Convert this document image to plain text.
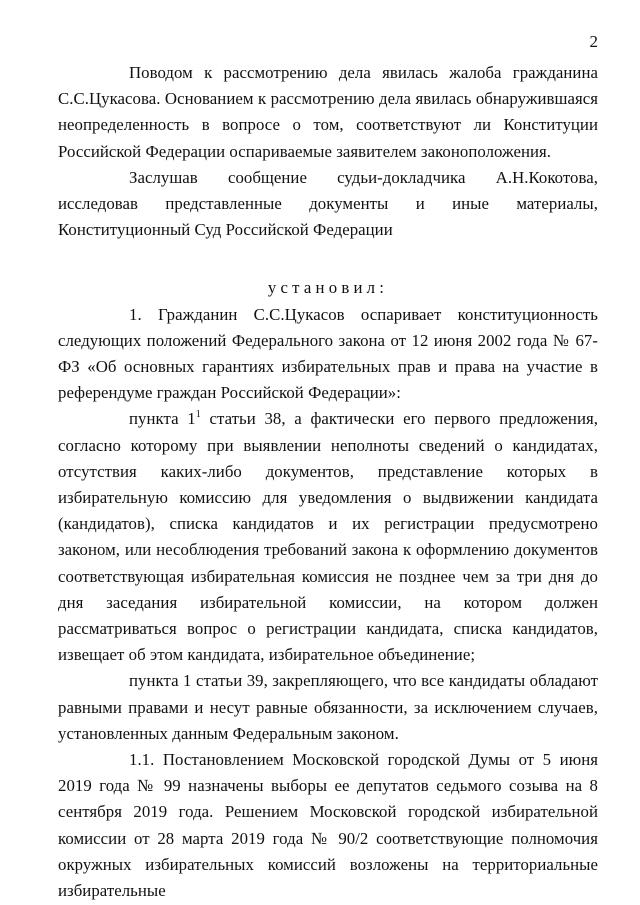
2

Поводом к рассмотрению дела явилась жалоба гражданина С.С.Цукасова. Основанием к рассмотрению дела явилась обнаружившаяся неопределенность в вопросе о том, соответствуют ли Конституции Российской Федерации оспариваемые заявителем законоположения.

Заслушав сообщение судьи-докладчика А.Н.Кокотова, исследовав представленные документы и иные материалы, Конституционный Суд Российской Федерации

установил:

1. Гражданин С.С.Цукасов оспаривает конституционность следующих положений Федерального закона от 12 июня 2002 года № 67-ФЗ «Об основных гарантиях избирательных прав и права на участие в референдуме граждан Российской Федерации»:

пункта $1^1$ статьи 38, а фактически его первого предложения, согласно которому при выявлении неполноты сведений о кандидатах, отсутствия каких-либо документов, представление которых в избирательную комиссию для уведомления о выдвижении кандидата (кандидатов), списка кандидатов и их регистрации предусмотрено законом, или несоблюдения требований закона к оформлению документов соответствующая избирательная комиссия не позднее чем за три дня до дня заседания избирательной комиссии, на котором должен рассматриваться вопрос о регистрации кандидата, списка кандидатов, извещает об этом кандидата, избирательное объединение;

пункта 1 статьи 39, закрепляющего, что все кандидаты обладают равными правами и несут равные обязанности, за исключением случаев, установленных данным Федеральным законом.

1.1. Постановлением Московской городской Думы от 5 июня 2019 года № 99 назначены выборы ее депутатов седьмого созыва на 8 сентября 2019 года. Решением Московской городской избирательной комиссии от 28 марта 2019 года № 90/2 соответствующие полномочия окружных избирательных комиссий возложены на территориальные избирательные
